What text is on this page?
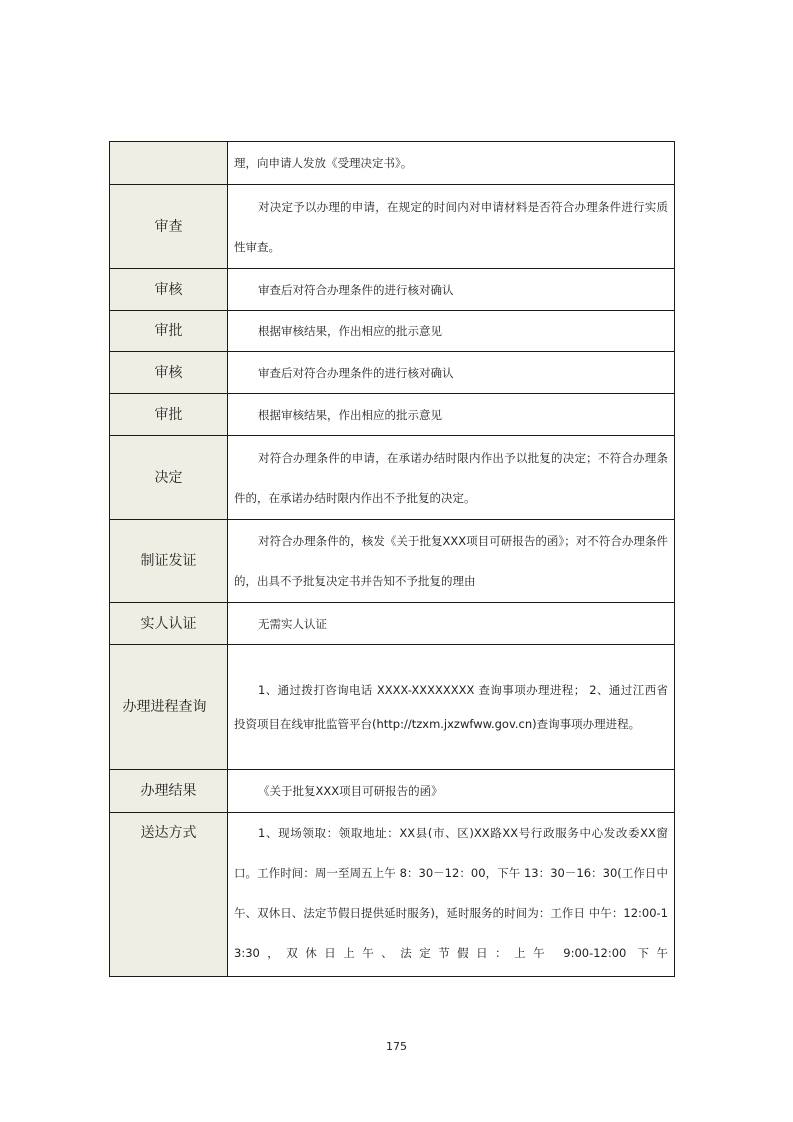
	理，向申请人发放《受理决定书》。

审查	对决定予以办理的申请，在规定的时间内对申请材料是否符合办理条件进行实质性审查。

审核	审查后对符合办理条件的进行核对确认

审批	根据审核结果，作出相应的批示意见

审核	审查后对符合办理条件的进行核对确认

审批	根据审核结果，作出相应的批示意见

决定	对符合办理条件的申请，在承诺办结时限内作出予以批复的决定；不符合办理条件的，在承诺办结时限内作出不予批复的决定。

制证发证	对符合办理条件的，核发《关于批复XXX项目可研报告的函》；对不符合办理条件的，出具不予批复决定书并告知不予批复的理由

实人认证	无需实人认证

办理进程查询	1、通过拨打咨询电话 XXXX-XXXXXXXX 查询事项办理进程； 2、通过江西省投资项目在线审批监管平台(http://tzxm.jxzwfww.gov.cn)查询事项办理进程。

办理结果	《关于批复XXX项目可研报告的函》

送达方式	1、现场领取：领取地址：XX县(市、区)XX路XX号行政服务中心发改委XX窗口。工作时间：周一至周五上午 8：30－12：00，下午 13：30－16：30(工作日中午、双休日、法定节假日提供延时服务)，延时服务的时间为：工作日 中午：12:00-13:30，双休日上午、法定节假日：上午 9:00-12:00 下午

175
